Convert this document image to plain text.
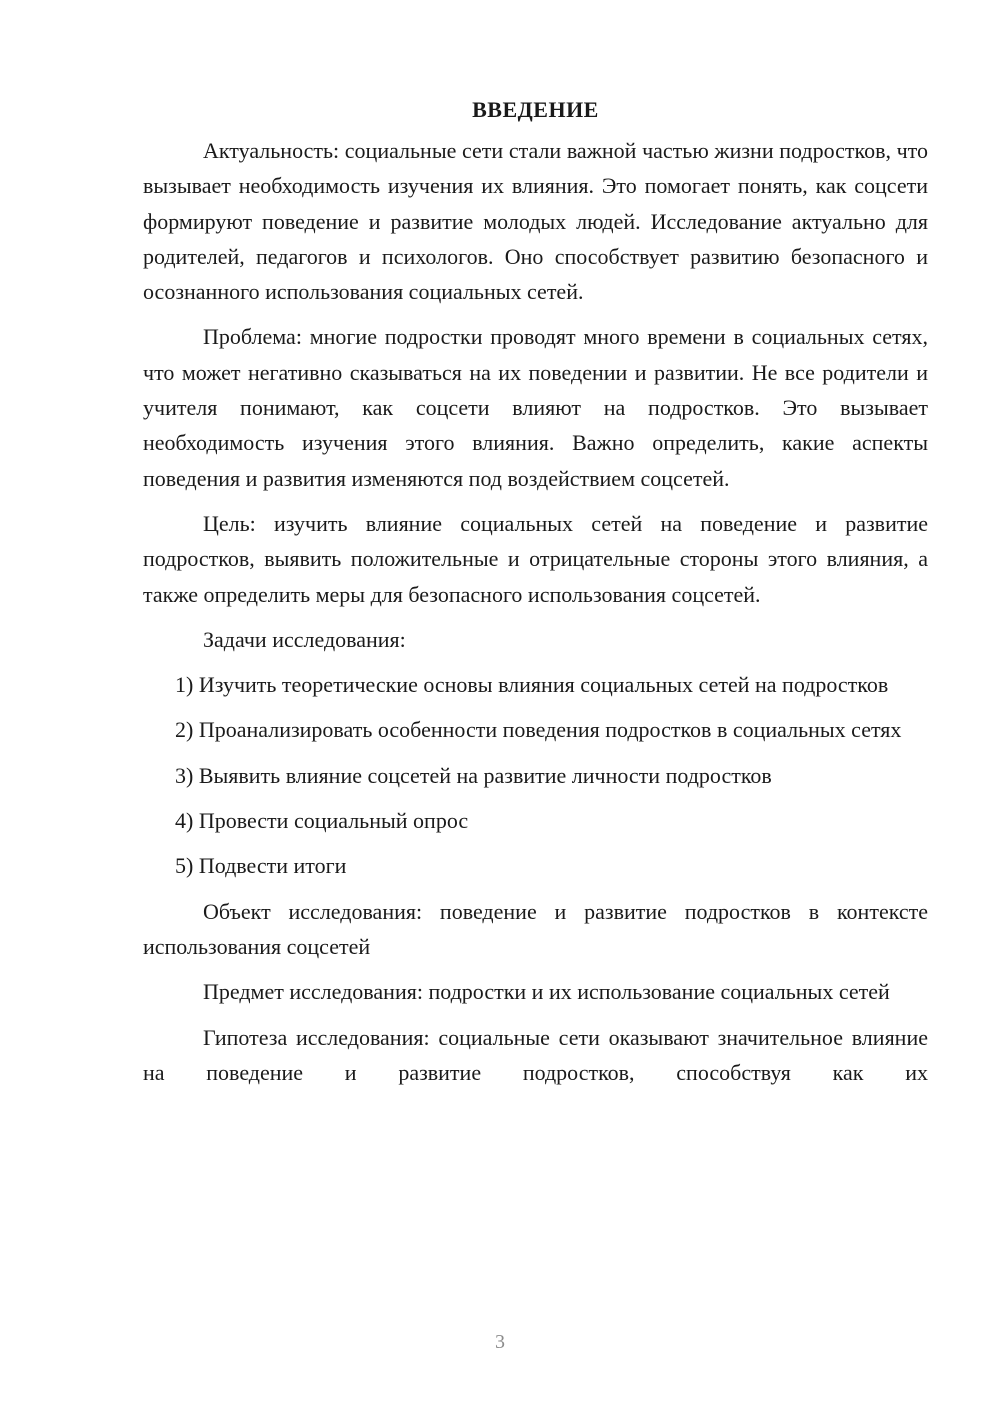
ВВЕДЕНИЕ

Актуальность: социальные сети стали важной частью жизни подростков, что вызывает необходимость изучения их влияния. Это помогает понять, как соцсети формируют поведение и развитие молодых людей. Исследование актуально для родителей, педагогов и психологов. Оно способствует развитию безопасного и осознанного использования социальных сетей.

Проблема: многие подростки проводят много времени в социальных сетях, что может негативно сказываться на их поведении и развитии. Не все родители и учителя понимают, как соцсети влияют на подростков. Это вызывает необходимость изучения этого влияния. Важно определить, какие аспекты поведения и развития изменяются под воздействием соцсетей.

Цель: изучить влияние социальных сетей на поведение и развитие подростков, выявить положительные и отрицательные стороны этого влияния, а также определить меры для безопасного использования соцсетей.

Задачи исследования:

1) Изучить теоретические основы влияния социальных сетей на подростков

2) Проанализировать особенности поведения подростков в социальных сетях

3) Выявить влияние соцсетей на развитие личности подростков

4) Провести социальный опрос

5) Подвести итоги

Объект исследования: поведение и развитие подростков в контексте использования соцсетей

Предмет исследования: подростки и их использование социальных сетей

Гипотеза исследования: социальные сети оказывают значительное влияние на поведение и развитие подростков, способствуя как их

3
